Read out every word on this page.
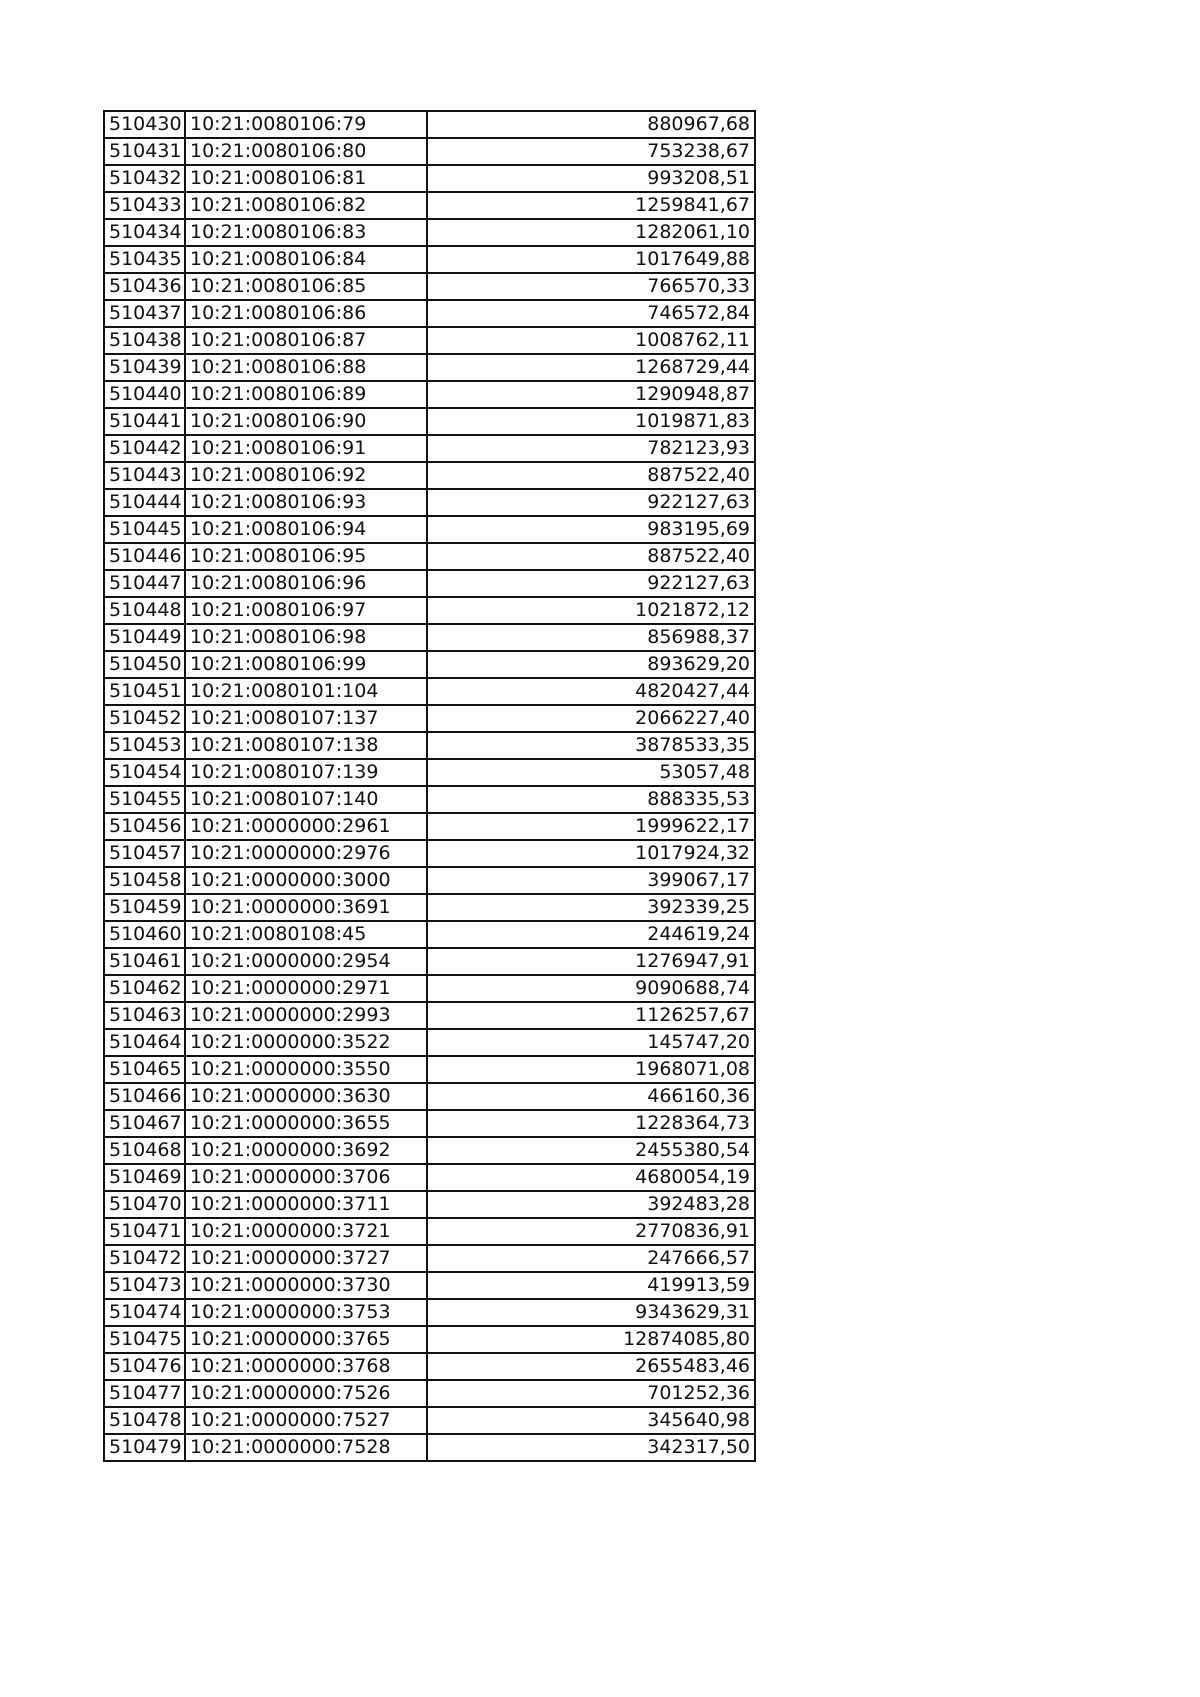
510430	10:21:0080106:79	880967,68
510431	10:21:0080106:80	753238,67
510432	10:21:0080106:81	993208,51
510433	10:21:0080106:82	1259841,67
510434	10:21:0080106:83	1282061,10
510435	10:21:0080106:84	1017649,88
510436	10:21:0080106:85	766570,33
510437	10:21:0080106:86	746572,84
510438	10:21:0080106:87	1008762,11
510439	10:21:0080106:88	1268729,44
510440	10:21:0080106:89	1290948,87
510441	10:21:0080106:90	1019871,83
510442	10:21:0080106:91	782123,93
510443	10:21:0080106:92	887522,40
510444	10:21:0080106:93	922127,63
510445	10:21:0080106:94	983195,69
510446	10:21:0080106:95	887522,40
510447	10:21:0080106:96	922127,63
510448	10:21:0080106:97	1021872,12
510449	10:21:0080106:98	856988,37
510450	10:21:0080106:99	893629,20
510451	10:21:0080101:104	4820427,44
510452	10:21:0080107:137	2066227,40
510453	10:21:0080107:138	3878533,35
510454	10:21:0080107:139	53057,48
510455	10:21:0080107:140	888335,53
510456	10:21:0000000:2961	1999622,17
510457	10:21:0000000:2976	1017924,32
510458	10:21:0000000:3000	399067,17
510459	10:21:0000000:3691	392339,25
510460	10:21:0080108:45	244619,24
510461	10:21:0000000:2954	1276947,91
510462	10:21:0000000:2971	9090688,74
510463	10:21:0000000:2993	1126257,67
510464	10:21:0000000:3522	145747,20
510465	10:21:0000000:3550	1968071,08
510466	10:21:0000000:3630	466160,36
510467	10:21:0000000:3655	1228364,73
510468	10:21:0000000:3692	2455380,54
510469	10:21:0000000:3706	4680054,19
510470	10:21:0000000:3711	392483,28
510471	10:21:0000000:3721	2770836,91
510472	10:21:0000000:3727	247666,57
510473	10:21:0000000:3730	419913,59
510474	10:21:0000000:3753	9343629,31
510475	10:21:0000000:3765	12874085,80
510476	10:21:0000000:3768	2655483,46
510477	10:21:0000000:7526	701252,36
510478	10:21:0000000:7527	345640,98
510479	10:21:0000000:7528	342317,50
